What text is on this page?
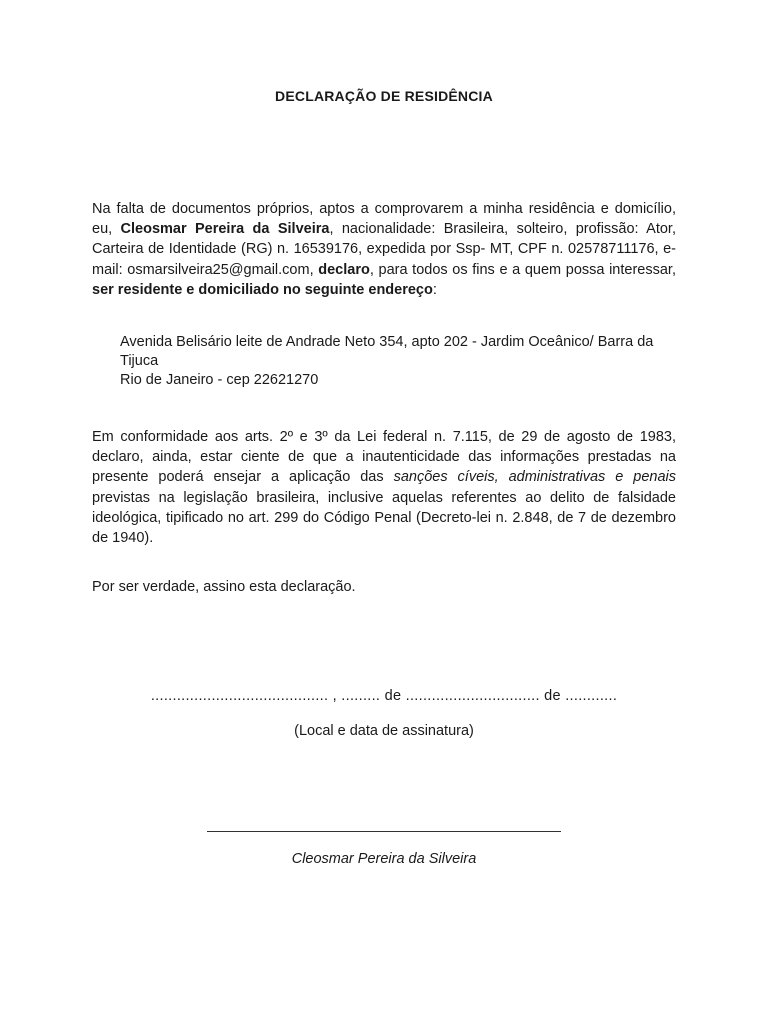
DECLARAÇÃO DE RESIDÊNCIA

Na falta de documentos próprios, aptos a comprovarem a minha residência e domicílio, eu, Cleosmar Pereira da Silveira, nacionalidade: Brasileira, solteiro, profissão: Ator, Carteira de Identidade (RG) n. 16539176, expedida por Ssp- MT, CPF n. 02578711176, e-mail: osmarsilveira25@gmail.com, declaro, para todos os fins e a quem possa interessar, ser residente e domiciliado no seguinte endereço:

Avenida Belisário leite de Andrade Neto 354, apto 202 - Jardim Oceânico/ Barra da Tijuca
Rio de Janeiro - cep 22621270

Em conformidade aos arts. 2º e 3º da Lei federal n. 7.115, de 29 de agosto de 1983, declaro, ainda, estar ciente de que a inautenticidade das informações prestadas na presente poderá ensejar a aplicação das sanções cíveis, administrativas e penais previstas na legislação brasileira, inclusive aquelas referentes ao delito de falsidade ideológica, tipificado no art. 299 do Código Penal (Decreto-lei n. 2.848, de 7 de dezembro de 1940).

Por ser verdade, assino esta declaração.

......................................... , ......... de ............................... de ............
(Local e data de assinatura)
Cleosmar Pereira da Silveira
